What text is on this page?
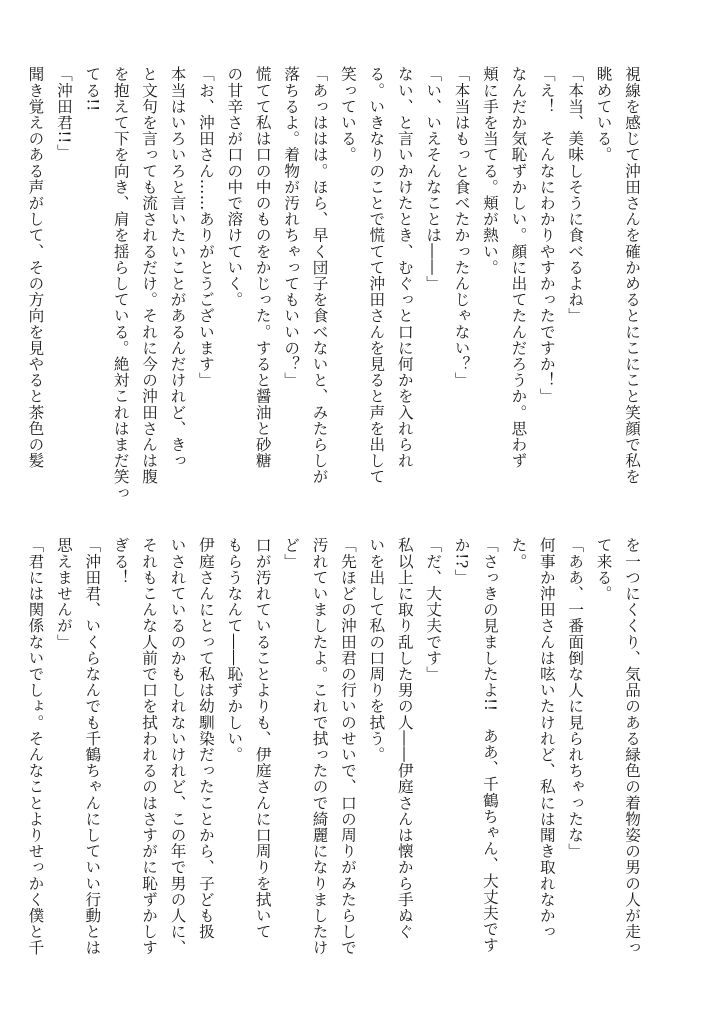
視線を感じて沖田さんを確かめるとにこにこと笑顔で私を
眺めている。
「本当、美味しそうに食べるよね」
「え！　そんなにわかりやすかったですか！」
なんだか気恥ずかしい。顔に出てたんだろうか。思わず
頬に手を当てる。頬が熱い。
「本当はもっと食べたかったんじゃない？」
「い、いえそんなことは――」
ない、と言いかけたとき、むぐっと口に何かを入れられ
る。いきなりのことで慌てて沖田さんを見ると声を出して
笑っている。
「あっははは。ほら、早く団子を食べないと、みたらしが
落ちるよ。着物が汚れちゃってもいいの？」
慌てて私は口の中のものをかじった。すると醤油と砂糖
の甘辛さが口の中で溶けていく。
「お、沖田さん……ありがとうございます」
本当はいろいろと言いたいことがあるんだけれど、きっ
と文句を言っても流されるだけ。それに今の沖田さんは腹
を抱えて下を向き、肩を揺らしている。絶対これはまだ笑っ
てる!!
「沖田君!!」
聞き覚えのある声がして、その方向を見やると茶色の髪
を一つにくくり、気品のある緑色の着物姿の男の人が走っ
て来る。
「ああ、一番面倒な人に見られちゃったな」
何事か沖田さんは呟いたけれど、私には聞き取れなかっ
た。
「さっきの見ましたよ!!　ああ、千鶴ちゃん、大丈夫です
か!?」
「だ、大丈夫です」
私以上に取り乱した男の人――伊庭さんは懐から手ぬぐ
いを出して私の口周りを拭う。
「先ほどの沖田君の行いのせいで、口の周りがみたらしで
汚れていましたよ。これで拭ったので綺麗になりましたけ
ど」
口が汚れていることよりも、伊庭さんに口周りを拭いて
もらうなんて――恥ずかしい。
伊庭さんにとって私は幼馴染だったことから、子ども扱
いされているのかもしれないけれど、この年で男の人に、
それもこんな人前で口を拭われるのはさすがに恥ずかしす
ぎる！
「沖田君、いくらなんでも千鶴ちゃんにしていい行動とは
思えませんが」
「君には関係ないでしょ。そんなことよりせっかく僕と千
